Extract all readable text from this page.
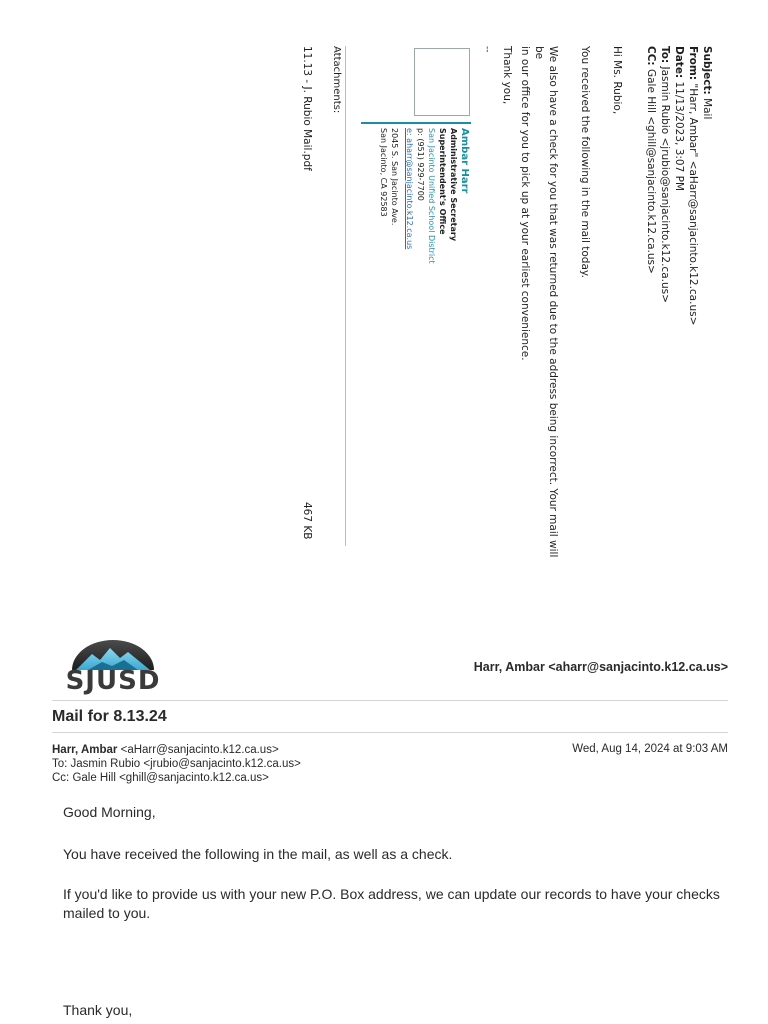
Subject: Mail
From: "Harr, Ambar" <aHarr@sanjacinto.k12.ca.us>
Date: 11/13/2023, 3:07 PM
To: Jasmin Rubio <jrubio@sanjacinto.k12.ca.us>
CC: Gale Hill <ghill@sanjacinto.k12.ca.us>

Hi Ms. Rubio,

You received the following in the mail today.

We also have a check for you that was returned due to the address being incorrect. Your mail will be

in our office for you to pick up at your earliest convenience.

Thank you,

--

Ambar Harr
Administrative Secretary
Superintendent's Office
San Jacinto Unified School District
p: (951) 929-7700
e: aharr@sanjacinto.k12.ca.us
2045 S. San Jacinto Ave.
San Jacinto, CA 92583

Attachments:

11.13 - J. Rubio Mail.pdf

467 KB

SJUSD	Harr, Ambar <aharr@sanjacinto.k12.ca.us>
Mail for 8.13.24
Harr, Ambar <aHarr@sanjacinto.k12.ca.us>
To: Jasmin Rubio <jrubio@sanjacinto.k12.ca.us>
Cc: Gale Hill <ghill@sanjacinto.k12.ca.us>
Wed, Aug 14, 2024 at 9:03 AM
Good Morning,
You have received the following in the mail, as well as a check.
If you'd like to provide us with your new P.O. Box address, we can update our records to have your checks
mailed to you.
Thank you,
